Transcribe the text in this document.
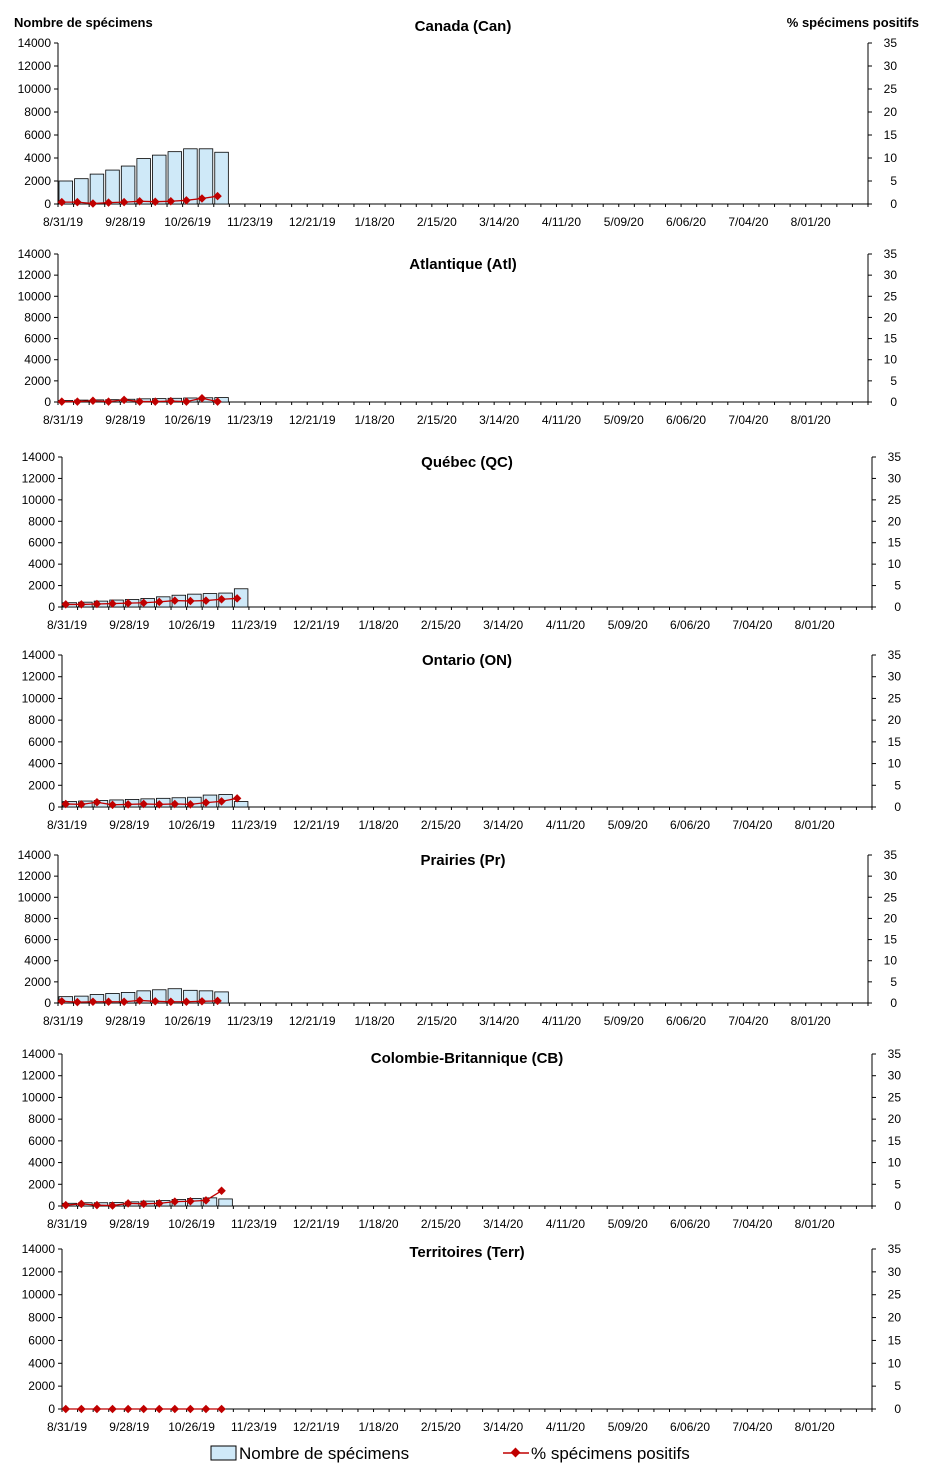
Nombre de spécimens	% spécimens positifs
Canada (Can)
0
2000
4000
6000
8000
10000
12000
14000
0
5
10
15
20
25
30
35
8/31/19 9/28/19 10/26/19 11/23/19 12/21/19 1/18/20 2/15/20 3/14/20 4/11/20 5/09/20 6/06/20 7/04/20 8/01/20
Atlantique (Atl)
0
2000
4000
6000
8000
10000
12000
14000
0
5
10
15
20
25
30
35
8/31/19 9/28/19 10/26/19 11/23/19 12/21/19 1/18/20 2/15/20 3/14/20 4/11/20 5/09/20 6/06/20 7/04/20 8/01/20
Québec (QC)
0
2000
4000
6000
8000
10000
12000
14000
0
5
10
15
20
25
30
35
8/31/19 9/28/19 10/26/19 11/23/19 12/21/19 1/18/20 2/15/20 3/14/20 4/11/20 5/09/20 6/06/20 7/04/20 8/01/20
Ontario (ON)
0
2000
4000
6000
8000
10000
12000
14000
0
5
10
15
20
25
30
35
8/31/19 9/28/19 10/26/19 11/23/19 12/21/19 1/18/20 2/15/20 3/14/20 4/11/20 5/09/20 6/06/20 7/04/20 8/01/20
Prairies (Pr)
0
2000
4000
6000
8000
10000
12000
14000
0
5
10
15
20
25
30
35
8/31/19 9/28/19 10/26/19 11/23/19 12/21/19 1/18/20 2/15/20 3/14/20 4/11/20 5/09/20 6/06/20 7/04/20 8/01/20
Colombie-Britannique (CB)
0
2000
4000
6000
8000
10000
12000
14000
0
5
10
15
20
25
30
35
8/31/19 9/28/19 10/26/19 11/23/19 12/21/19 1/18/20 2/15/20 3/14/20 4/11/20 5/09/20 6/06/20 7/04/20 8/01/20
Territoires (Terr)
0
2000
4000
6000
8000
10000
12000
14000
0
5
10
15
20
25
30
35
8/31/19 9/28/19 10/26/19 11/23/19 12/21/19 1/18/20 2/15/20 3/14/20 4/11/20 5/09/20 6/06/20 7/04/20 8/01/20
Nombre de spécimens	% spécimens positifs
